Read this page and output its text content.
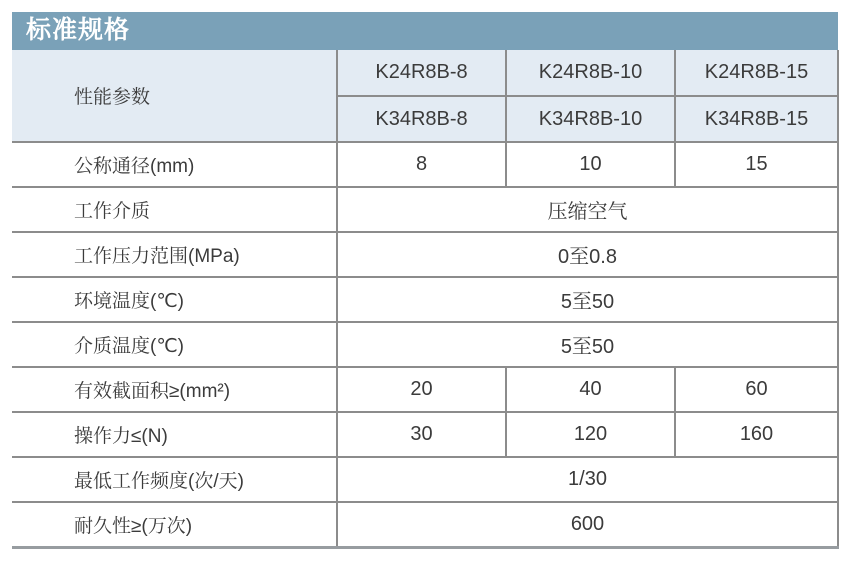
标准规格
性能参数	K24R8B-8	K24R8B-10	K24R8B-15
	K34R8B-8	K34R8B-10	K34R8B-15
公称通径(mm)	8	10	15
工作介质	压缩空气		
工作压力范围(MPa)	0至0.8		
环境温度(℃)	5至50		
介质温度(℃)	5至50		
有效截面积≥(mm²)	20	40	60
操作力≤(N)	30	120	160
最低工作频度(次/天)	1/30		
耐久性≥(万次)	600		
